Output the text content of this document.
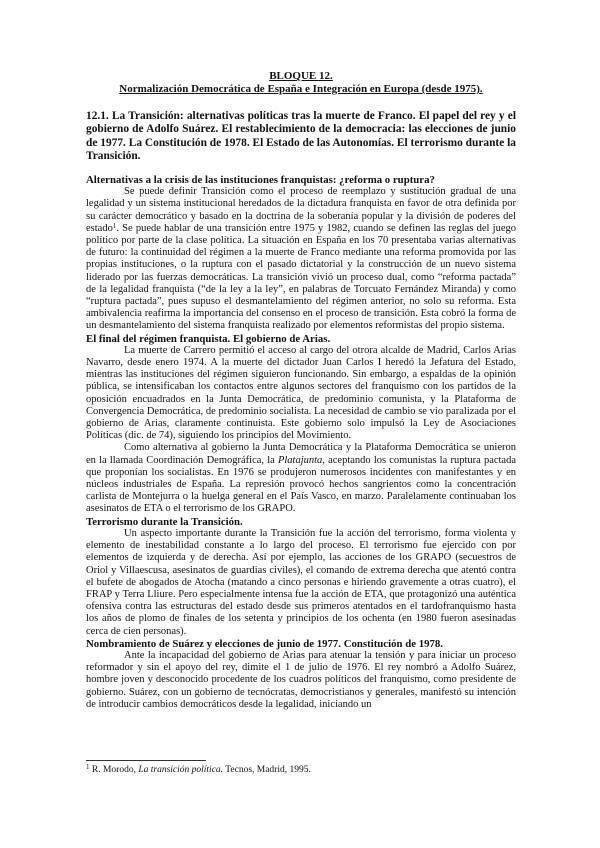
BLOQUE 12.
Normalización Democrática de España e Integración en Europa (desde 1975).
12.1. La Transición: alternativas políticas tras la muerte de Franco. El papel del rey y el gobierno de Adolfo Suárez. El restablecimiento de la democracia: las elecciones de junio de 1977. La Constitución de 1978. El Estado de las Autonomías. El terrorismo durante la Transición.
Alternativas a la crisis de las instituciones franquistas: ¿reforma o ruptura?

Se puede definir Transición como el proceso de reemplazo y sustitución gradual de una legalidad y un sistema institucional heredados de la dictadura franquista en favor de otra definida por su carácter democrático y basado en la doctrina de la soberanía popular y la división de poderes del estado$^1$. Se puede hablar de una transición entre 1975 y 1982, cuando se definen las reglas del juego político por parte de la clase política. La situación en España en los 70 presentaba varias alternativas de futuro: la continuidad del régimen a la muerte de Franco mediante una reforma promovida por las propias instituciones, o la ruptura con el pasado dictatorial y la construcción de un nuevo sistema liderado por las fuerzas democráticas. La transición vivió un proceso dual, como “reforma pactada” de la legalidad franquista (“de la ley a la ley”, en palabras de Torcuato Fernández Miranda) y como “ruptura pactada”, pues supuso el desmantelamiento del régimen anterior, no solo su reforma. Esta ambivalencia reafirma la importancia del consenso en el proceso de transición. Esta cobró la forma de un desmantelamiento del sistema franquista realizado por elementos reformistas del propio sistema.

El final del régimen franquista. El gobierno de Arias.

La muerte de Carrero permitió el acceso al cargo del otrora alcalde de Madrid, Carlos Arias Navarro, desde enero 1974. A la muerte del dictador Juan Carlos I heredó la Jefatura del Estado, mientras las instituciones del régimen siguieron funcionando. Sin embargo, a espaldas de la opinión pública, se intensificaban los contactos entre algunos sectores del franquismo con los partidos de la oposición encuadrados en la Junta Democrática, de predominio comunista, y la Plataforma de Convergencia Democrática, de predominio socialista. La necesidad de cambio se vio paralizada por el gobierno de Arias, claramente continuista. Este gobierno solo impulsó la Ley de Asociaciones Políticas (dic. de 74), siguiendo los principios del Movimiento.

Como alternativa al gobierno la Junta Democrática y la Plataforma Democrática se unieron en la llamada Coordinación Demográfica, la Platajunta, aceptando los comunistas la ruptura pactada que proponían los socialistas. En 1976 se produjeron numerosos incidentes con manifestantes y en núcleos industriales de España. La represión provocó hechos sangrientos como la concentración carlista de Montejurra o la huelga general en el País Vasco, en marzo. Paralelamente continuaban los asesinatos de ETA o el terrorismo de los GRAPO.

Terrorismo durante la Transición.

Un aspecto importante durante la Transición fue la acción del terrorismo, forma violenta y elemento de inestabilidad constante a lo largo del proceso. El terrorismo fue ejercido con por elementos de izquierda y de derecha. Así por ejemplo, las acciones de los GRAPO (secuestros de Oriol y Villaescusa, asesinatos de guardias civiles), el comando de extrema derecha que atentó contra el bufete de abogados de Atocha (matando a cinco personas e hiriendo gravemente a otras cuatro), el FRAP y Terra Lliure. Pero especialmente intensa fue la acción de ETA, que protagonizó una auténtica ofensiva contra las estructuras del estado desde sus primeros atentados en el tardofranquismo hasta los años de plomo de finales de los setenta y principios de los ochenta (en 1980 fueron asesinadas cerca de cien personas).

Nombramiento de Suárez y elecciones de junio de 1977. Constitución de 1978.

Ante la incapacidad del gobierno de Arias para atenuar la tensión y para iniciar un proceso reformador y sin el apoyo del rey, dimite el 1 de julio de 1976. El rey nombró a Adolfo Suárez, hombre joven y desconocido procedente de los cuadros políticos del franquismo, como presidente de gobierno. Suárez, con un gobierno de tecnócratas, democristianos y generales, manifestó su intención de introducir cambios democráticos desde la legalidad, iniciando un

$^1$ R. Morodo, La transición política. Tecnos, Madrid, 1995.
